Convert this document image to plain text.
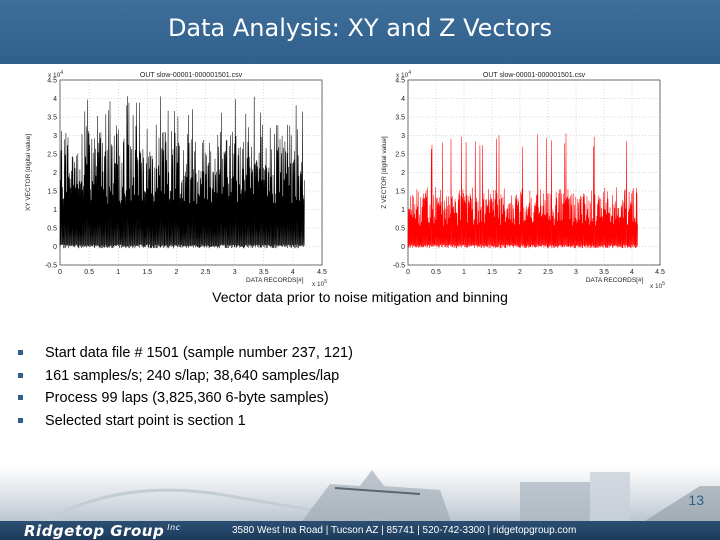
Data Analysis: XY and Z Vectors
-0.5
0
0.5
1
1.5
2
2.5
3
3.5
4
4.5
0	0.5	1	1.5	2	2.5	3	3.5	4	4.5
OUT slow-00001-000001501.csv
x $10^4$
x $10^5$
DATA RECORDS[#]
XY VECTOR [digital value]
-0.5
0
0.5
1
1.5
2
2.5
3
3.5
4
4.5
0	0.5	1	1.5	2	2.5	3	3.5	4	4.5
OUT slow-00001-000001501.csv
x $10^4$
x $10^5$
DATA RECORDS[#]
Z VECTOR [digital value]
Vector data prior to noise mitigation and binning
Start data file # 1501 (sample number 237, 121)
161 samples/s; 240 s/lap; 38,640 samples/lap
Process 99 laps (3,825,360 6-byte samples)
Selected start point is section 1
13
Ridgetop Group $^{Inc}$	3580 West Ina Road | Tucson AZ | 85741 | 520-742-3300 | ridgetopgroup.com
